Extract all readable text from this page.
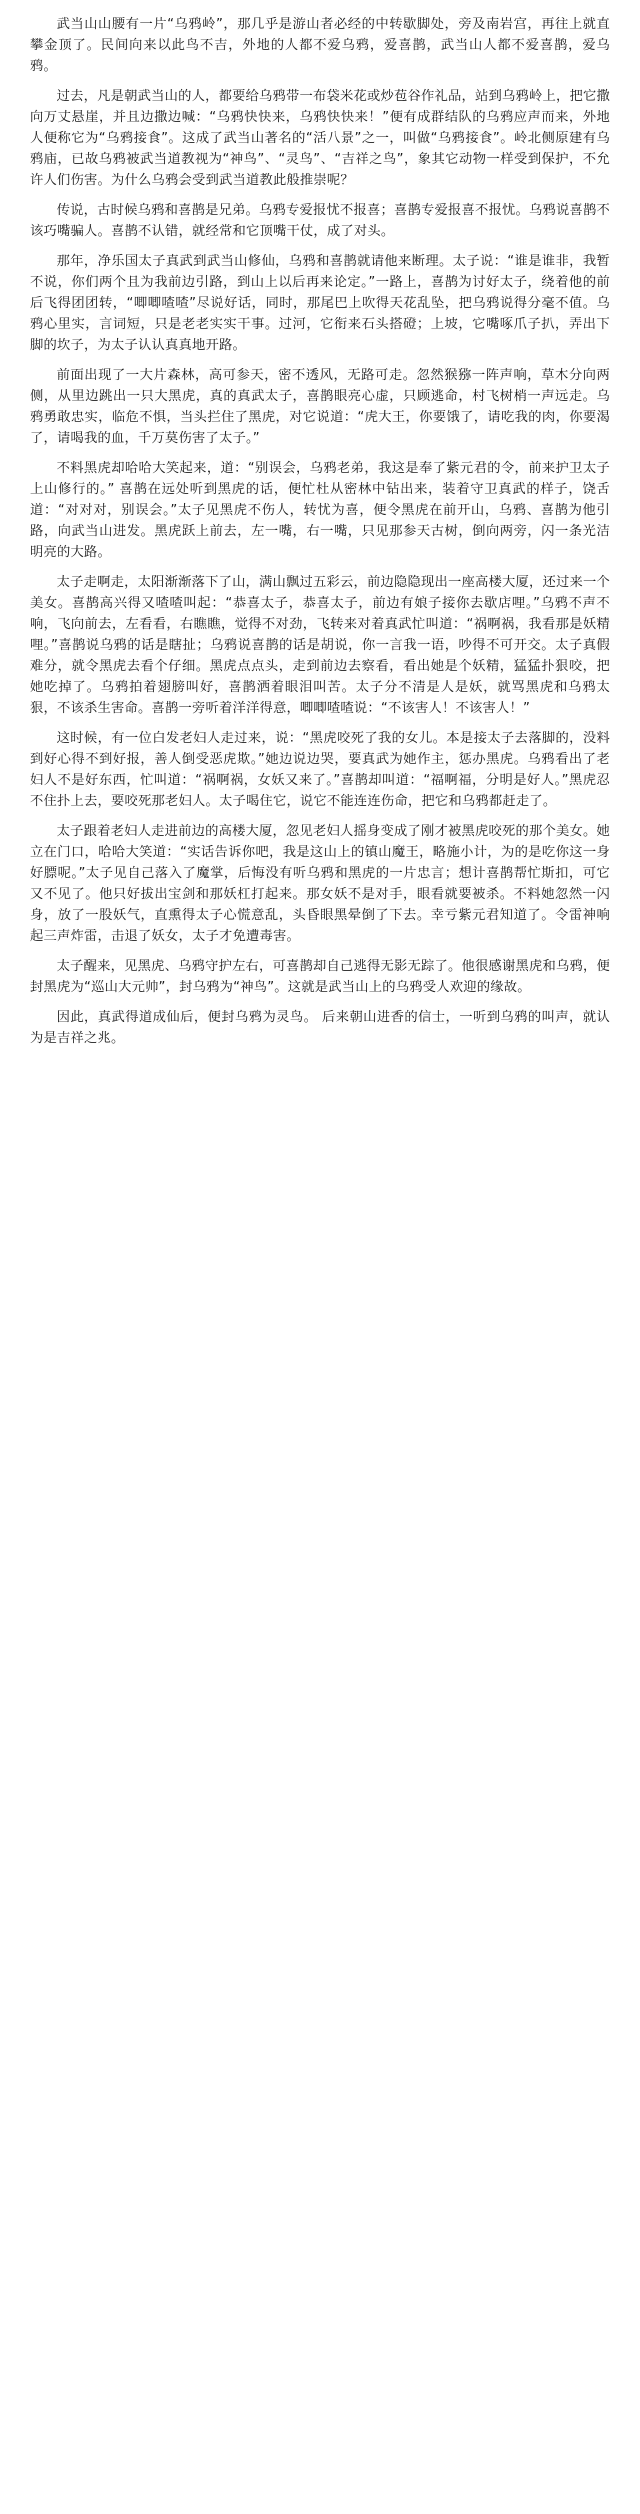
武当山山腰有一片“乌鸦岭”，那几乎是游山者必经的中转歇脚处，旁及南岩宫，再往上就直攀金顶了。民间向来以此鸟不吉，外地的人都不爱乌鸦，爱喜鹊，武当山人都不爱喜鹊，爱乌鸦。

过去，凡是朝武当山的人，都要给乌鸦带一布袋米花或炒苞谷作礼品，站到乌鸦岭上，把它撒向万丈悬崖，并且边撒边喊：“乌鸦快快来，乌鸦快快来！”便有成群结队的乌鸦应声而来，外地人便称它为“乌鸦接食”。这成了武当山著名的“活八景”之一，叫做“乌鸦接食”。岭北侧原建有乌鸦庙，已故乌鸦被武当道教视为“神鸟”、“灵鸟”、“吉祥之鸟”，象其它动物一样受到保护，不允许人们伤害。为什么乌鸦会受到武当道教此般推崇呢？

传说，古时候乌鸦和喜鹊是兄弟。乌鸦专爱报忧不报喜；喜鹊专爱报喜不报忧。乌鸦说喜鹊不该巧嘴骗人。喜鹊不认错，就经常和它顶嘴干仗，成了对头。

那年，净乐国太子真武到武当山修仙，乌鸦和喜鹊就请他来断理。太子说：“谁是谁非，我暂不说，你们两个且为我前边引路，到山上以后再来论定。”一路上，喜鹊为讨好太子，绕着他的前后飞得团团转，“唧唧喳喳”尽说好话，同时，那尾巴上吹得天花乱坠，把乌鸦说得分毫不值。乌鸦心里实，言词短，只是老老实实干事。过河，它衔来石头搭磴；上坡，它嘴啄爪子扒，弄出下脚的坎子，为太子认认真真地开路。

前面出现了一大片森林，高可参天，密不透风，无路可走。忽然猴猕一阵声响，草木分向两侧，从里边跳出一只大黑虎，真的真武太子，喜鹊眼亮心虚，只顾逃命，村飞树梢一声远走。乌鸦勇敢忠实，临危不惧，当头拦住了黑虎，对它说道：“虎大王，你要饿了，请吃我的肉，你要渴了，请喝我的血，千万莫伤害了太子。”

不料黑虎却哈哈大笑起来，道：“别误会，乌鸦老弟，我这是奉了紫元君的令，前来护卫太子上山修行的。” 喜鹊在远处听到黑虎的话，便忙杜从密林中钻出来，装着守卫真武的样子，饶舌道：“对对对，别误会。”太子见黑虎不伤人，转忧为喜，便令黑虎在前开山，乌鸦、喜鹊为他引路，向武当山进发。黑虎跃上前去，左一嘴，右一嘴，只见那参天古树，倒向两旁，闪一条光洁明亮的大路。

太子走啊走，太阳渐渐落下了山，满山飘过五彩云，前边隐隐现出一座高楼大厦，还过来一个美女。喜鹊高兴得又喳喳叫起：“恭喜太子，恭喜太子，前边有娘子接你去歇店哩。”乌鸦不声不响，飞向前去，左看看，右瞧瞧，觉得不对劲，飞转来对着真武忙叫道：“祸啊祸，我看那是妖精哩。”喜鹊说乌鸦的话是瞎扯；乌鸦说喜鹊的话是胡说，你一言我一语，吵得不可开交。太子真假难分，就令黑虎去看个仔细。黑虎点点头，走到前边去察看，看出她是个妖精，猛猛扑狠咬，把她吃掉了。乌鸦拍着翅膀叫好，喜鹊洒着眼泪叫苦。太子分不清是人是妖，就骂黑虎和乌鸦太狠，不该杀生害命。喜鹊一旁听着洋洋得意，唧唧喳喳说：“不该害人！不该害人！”

这时候，有一位白发老妇人走过来，说：“黑虎咬死了我的女儿。本是接太子去落脚的，没料到好心得不到好报，善人倒受恶虎欺。”她边说边哭，要真武为她作主，惩办黑虎。乌鸦看出了老妇人不是好东西，忙叫道：“祸啊祸，女妖又来了。”喜鹊却叫道：“福啊福，分明是好人。”黑虎忍不住扑上去，要咬死那老妇人。太子喝住它，说它不能连连伤命，把它和乌鸦都赶走了。

太子跟着老妇人走进前边的高楼大厦，忽见老妇人摇身变成了刚才被黑虎咬死的那个美女。她立在门口，哈哈大笑道：“实话告诉你吧，我是这山上的镇山魔王，略施小计，为的是吃你这一身好膘呢。”太子见自己落入了魔掌，后悔没有听乌鸦和黑虎的一片忠言；想计喜鹊帮忙斯扣，可它又不见了。他只好拔出宝剑和那妖杠打起来。那女妖不是对手，眼看就要被杀。不料她忽然一闪身，放了一股妖气，直熏得太子心慌意乱，头昏眼黑晕倒了下去。幸亏紫元君知道了。令雷神响起三声炸雷，击退了妖女，太子才免遭毒害。

太子醒来，见黑虎、乌鸦守护左右，可喜鹊却自己逃得无影无踪了。他很感谢黑虎和乌鸦，便封黑虎为“巡山大元帅”，封乌鸦为“神鸟”。这就是武当山上的乌鸦受人欢迎的缘故。

因此，真武得道成仙后，便封乌鸦为灵鸟。 后来朝山进香的信士，一听到乌鸦的叫声，就认为是吉祥之兆。
